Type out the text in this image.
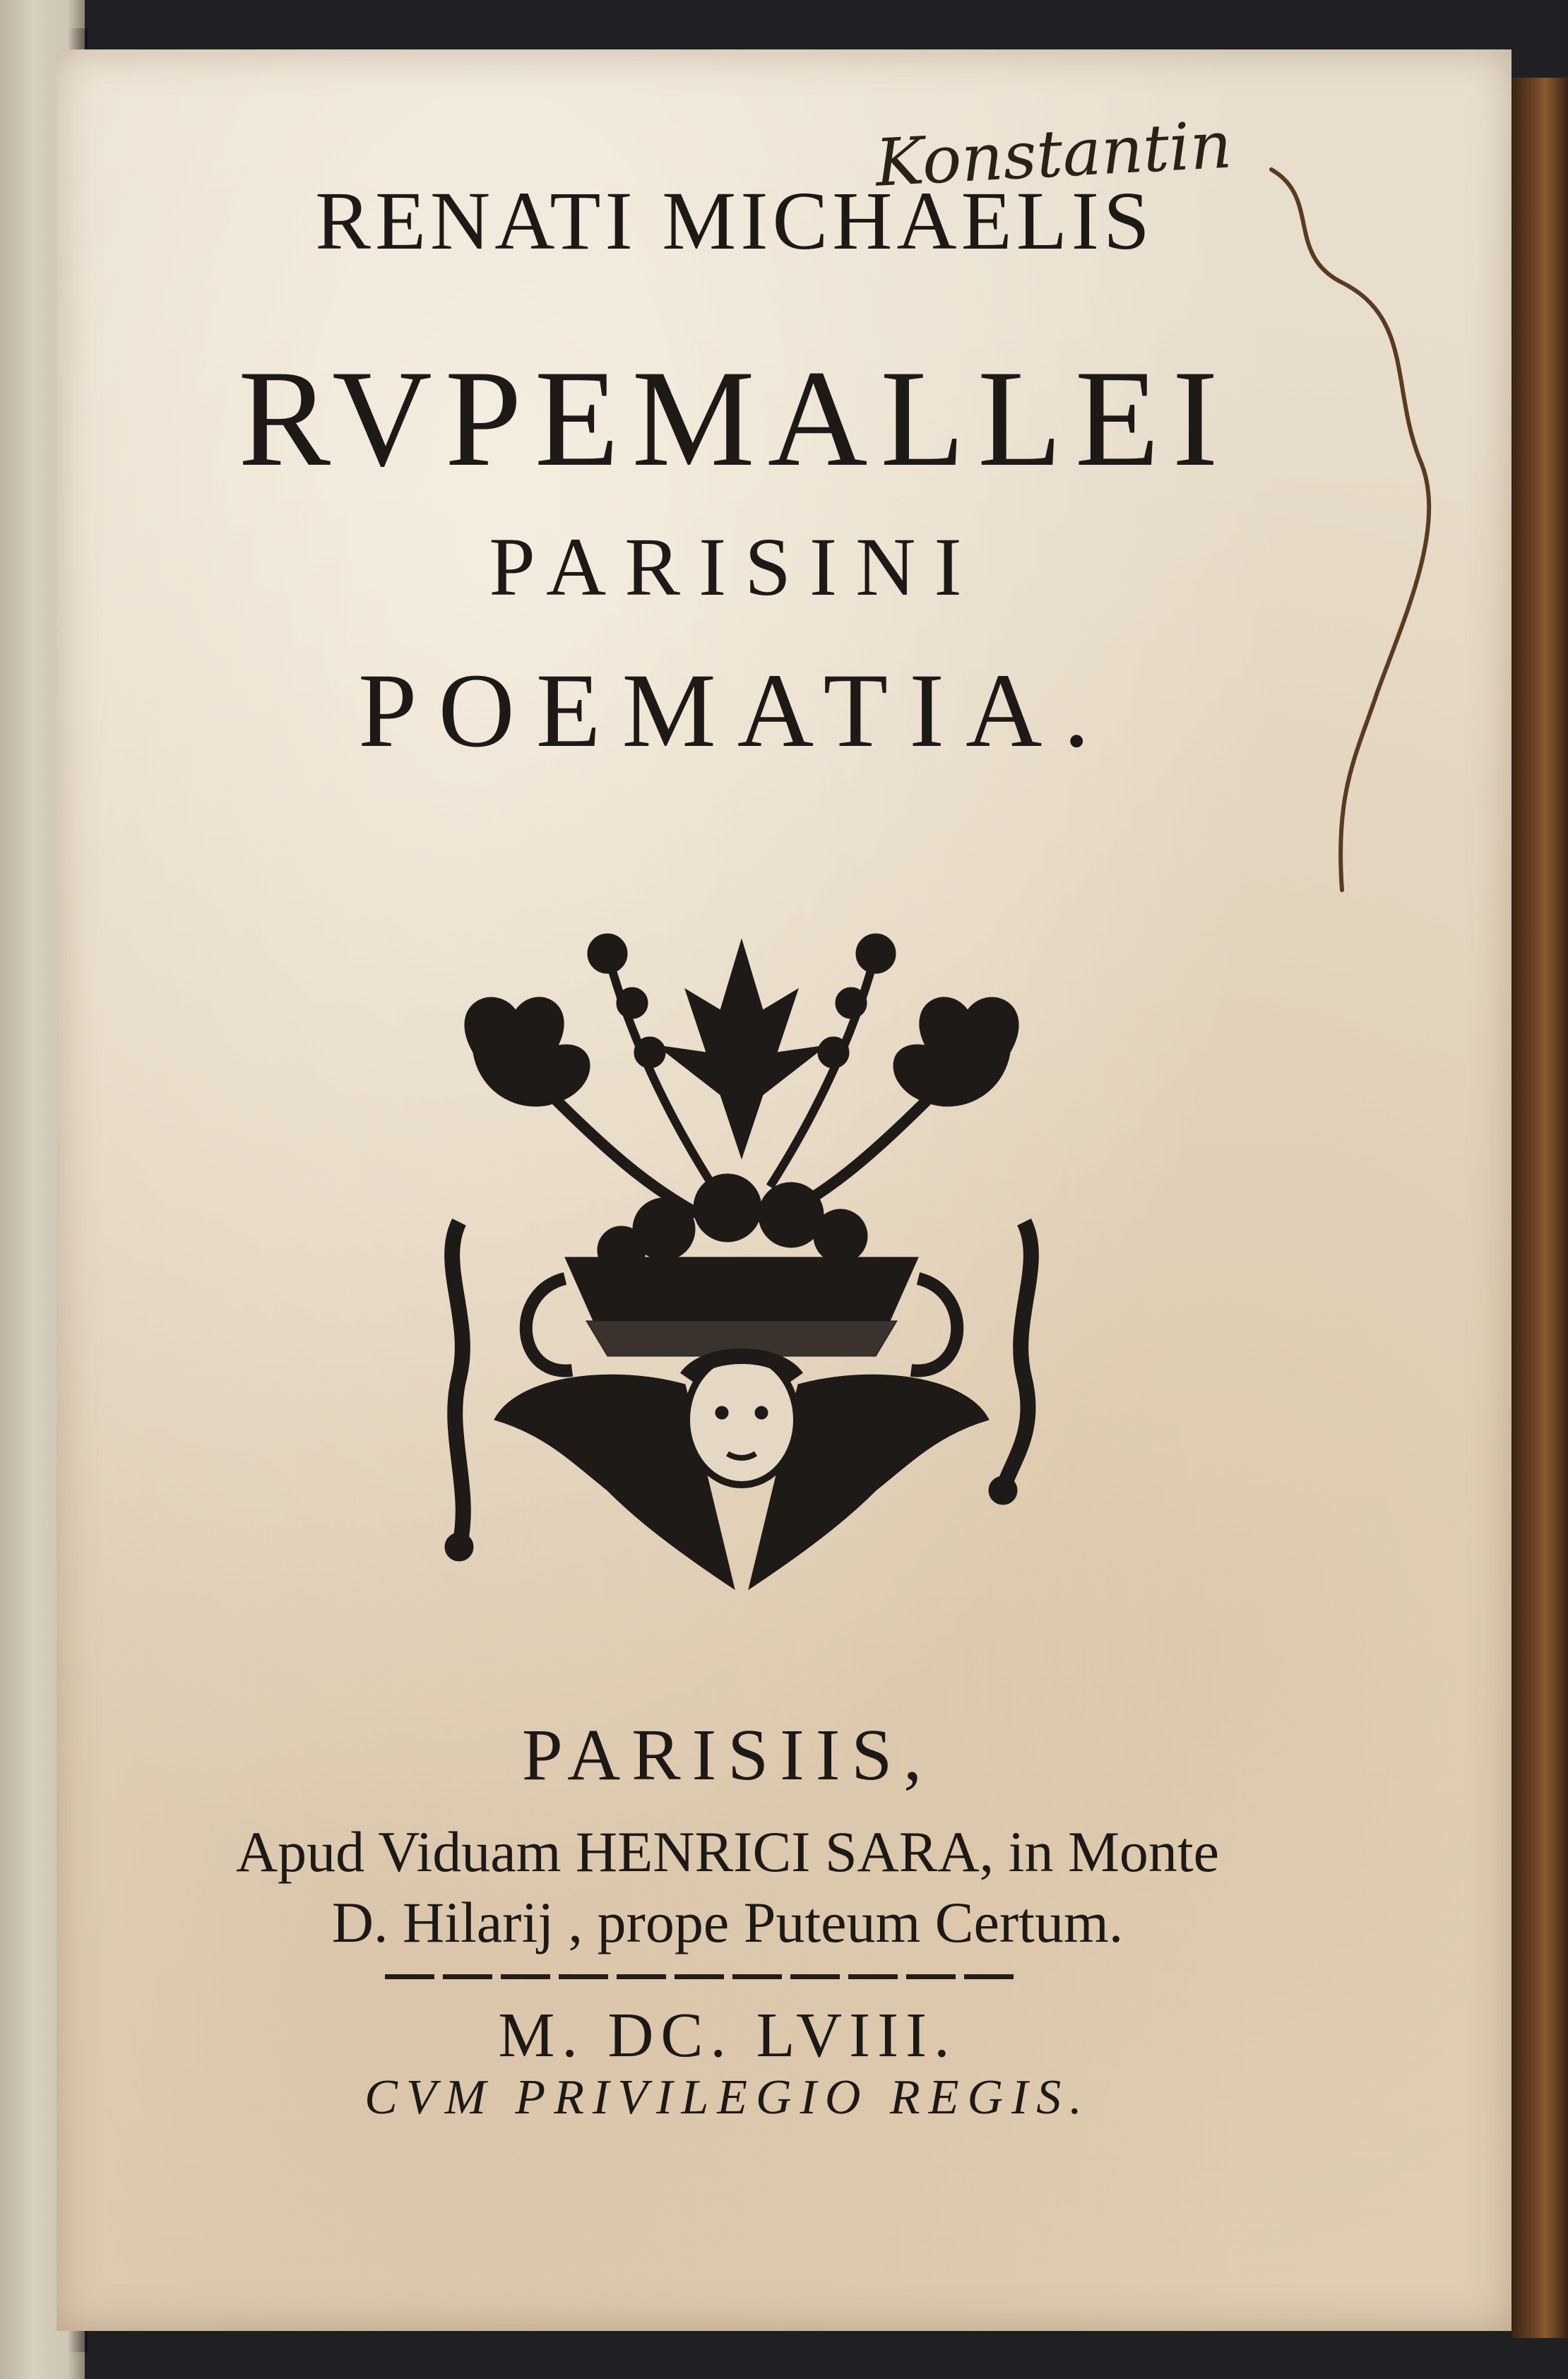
Konstantin
RENATI MICHAELIS
RVPEMALLEI
PARISINI
POEMATIA.
PARISIIS,
Apud Viduam HENRICI SARA, in Monte
D. Hilarij , prope Puteum Certum.
M. DC. LVIII.
CVM PRIVILEGIO REGIS.
